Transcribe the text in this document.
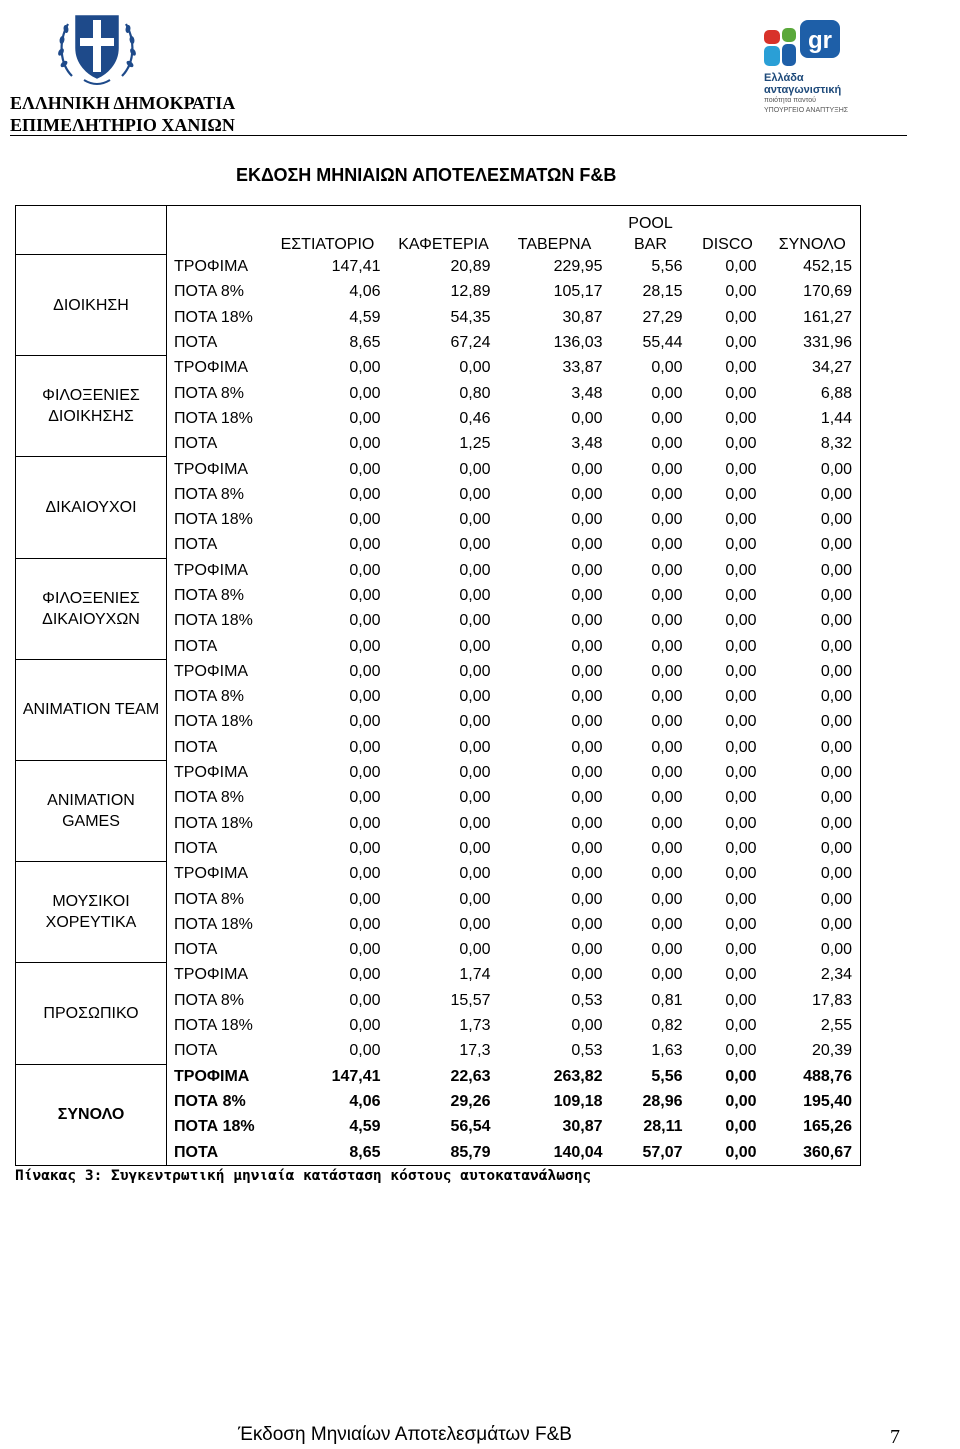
ΕΛΛΗΝΙΚΗ ΔΗΜΟΚΡΑΤΙΑ
ΕΠΙΜΕΛΗΤΗΡΙΟ ΧΑΝΙΩΝ
gr
Ελλάδα
ανταγωνιστική
ποιότητα παντού
ΥΠΟΥΡΓΕΙΟ ΑΝΑΠΤΥΞΗΣ
ΕΚΔΟΣΗ ΜΗΝΙΑΙΩΝ ΑΠΟΤΕΛΕΣΜΑΤΩΝ F&B
		ΕΣΤΙΑΤΟΡΙΟ	ΚΑΦΕΤΕΡΙΑ	ΤΑΒΕΡΝΑ	POOL BAR	DISCO	ΣΥΝΟΛΟ
ΔΙΟΙΚΗΣΗ	ΤΡΟΦΙΜΑ	147,41	20,89	229,95	5,56	0,00	452,15
	ΠΟΤΑ 8%	4,06	12,89	105,17	28,15	0,00	170,69
	ΠΟΤΑ 18%	4,59	54,35	30,87	27,29	0,00	161,27
	ΠΟΤΑ	8,65	67,24	136,03	55,44	0,00	331,96
ΦΙΛΟΞΕΝΙΕΣ ΔΙΟΙΚΗΣΗΣ	ΤΡΟΦΙΜΑ	0,00	0,00	33,87	0,00	0,00	34,27
	ΠΟΤΑ 8%	0,00	0,80	3,48	0,00	0,00	6,88
	ΠΟΤΑ 18%	0,00	0,46	0,00	0,00	0,00	1,44
	ΠΟΤΑ	0,00	1,25	3,48	0,00	0,00	8,32
ΔΙΚΑΙΟΥΧΟΙ	ΤΡΟΦΙΜΑ	0,00	0,00	0,00	0,00	0,00	0,00
	ΠΟΤΑ 8%	0,00	0,00	0,00	0,00	0,00	0,00
	ΠΟΤΑ 18%	0,00	0,00	0,00	0,00	0,00	0,00
	ΠΟΤΑ	0,00	0,00	0,00	0,00	0,00	0,00
ΦΙΛΟΞΕΝΙΕΣ ΔΙΚΑΙΟΥΧΩΝ	ΤΡΟΦΙΜΑ	0,00	0,00	0,00	0,00	0,00	0,00
	ΠΟΤΑ 8%	0,00	0,00	0,00	0,00	0,00	0,00
	ΠΟΤΑ 18%	0,00	0,00	0,00	0,00	0,00	0,00
	ΠΟΤΑ	0,00	0,00	0,00	0,00	0,00	0,00
ANIMATION TEAM	ΤΡΟΦΙΜΑ	0,00	0,00	0,00	0,00	0,00	0,00
	ΠΟΤΑ 8%	0,00	0,00	0,00	0,00	0,00	0,00
	ΠΟΤΑ 18%	0,00	0,00	0,00	0,00	0,00	0,00
	ΠΟΤΑ	0,00	0,00	0,00	0,00	0,00	0,00
ANIMATION GAMES	ΤΡΟΦΙΜΑ	0,00	0,00	0,00	0,00	0,00	0,00
	ΠΟΤΑ 8%	0,00	0,00	0,00	0,00	0,00	0,00
	ΠΟΤΑ 18%	0,00	0,00	0,00	0,00	0,00	0,00
	ΠΟΤΑ	0,00	0,00	0,00	0,00	0,00	0,00
ΜΟΥΣΙΚΟΙ ΧΟΡΕΥΤΙΚΑ	ΤΡΟΦΙΜΑ	0,00	0,00	0,00	0,00	0,00	0,00
	ΠΟΤΑ 8%	0,00	0,00	0,00	0,00	0,00	0,00
	ΠΟΤΑ 18%	0,00	0,00	0,00	0,00	0,00	0,00
	ΠΟΤΑ	0,00	0,00	0,00	0,00	0,00	0,00
ΠΡΟΣΩΠΙΚΟ	ΤΡΟΦΙΜΑ	0,00	1,74	0,00	0,00	0,00	2,34
	ΠΟΤΑ 8%	0,00	15,57	0,53	0,81	0,00	17,83
	ΠΟΤΑ 18%	0,00	1,73	0,00	0,82	0,00	2,55
	ΠΟΤΑ	0,00	17,3	0,53	1,63	0,00	20,39
ΣΥΝΟΛΟ	ΤΡΟΦΙΜΑ	147,41	22,63	263,82	5,56	0,00	488,76
	ΠΟΤΑ 8%	4,06	29,26	109,18	28,96	0,00	195,40
	ΠΟΤΑ 18%	4,59	56,54	30,87	28,11	0,00	165,26
	ΠΟΤΑ	8,65	85,79	140,04	57,07	0,00	360,67
Πίνακας 3: Συγκεντρωτική μηνιαία κατάσταση κόστους αυτοκατανάλωσης
Έκδοση Μηνιαίων Αποτελεσμάτων F&B	7
